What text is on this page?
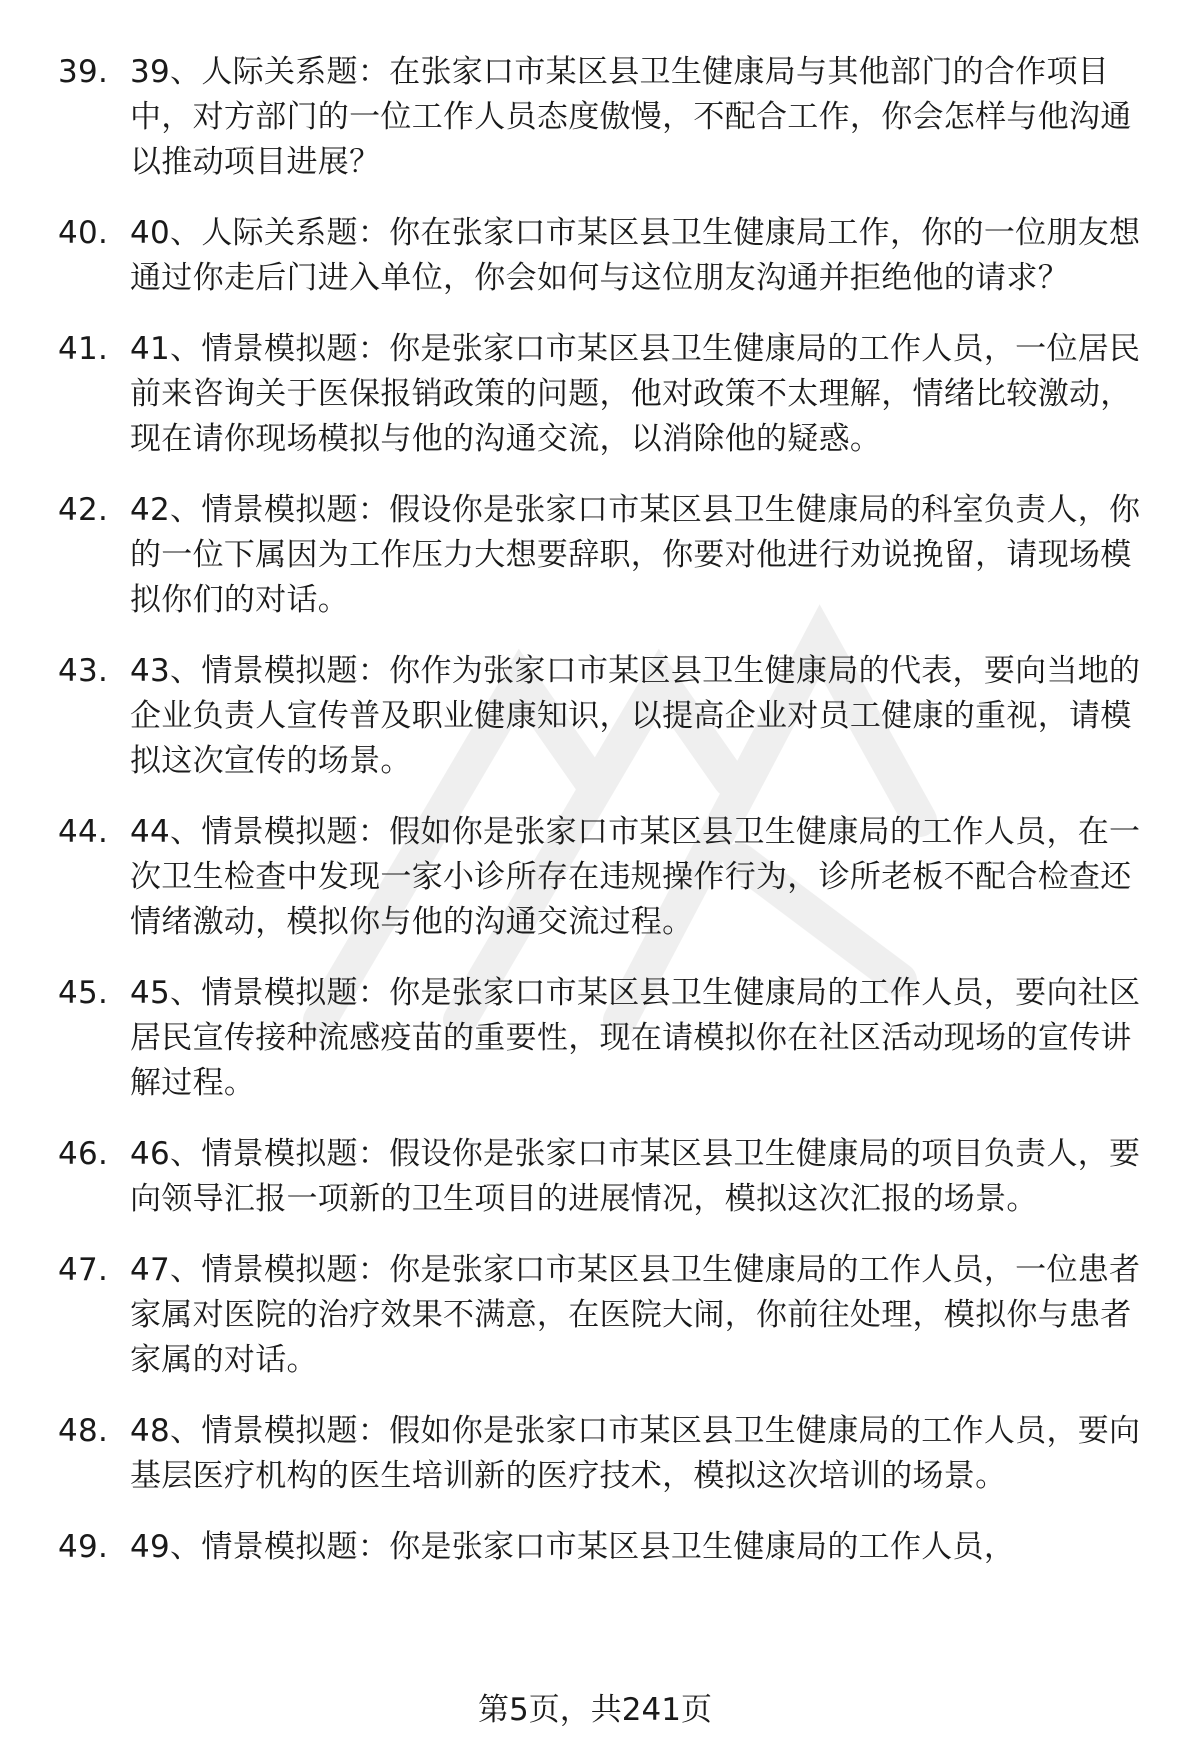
39. 39、人际关系题：在张家口市某区县卫生健康局与其他部门的合作项目中，对方部门的一位工作人员态度傲慢，不配合工作，你会怎样与他沟通以推动项目进展？
40. 40、人际关系题：你在张家口市某区县卫生健康局工作，你的一位朋友想通过你走后门进入单位，你会如何与这位朋友沟通并拒绝他的请求？
41. 41、情景模拟题：你是张家口市某区县卫生健康局的工作人员，一位居民前来咨询关于医保报销政策的问题，他对政策不太理解，情绪比较激动，现在请你现场模拟与他的沟通交流，以消除他的疑惑。
42. 42、情景模拟题：假设你是张家口市某区县卫生健康局的科室负责人，你的一位下属因为工作压力大想要辞职，你要对他进行劝说挽留，请现场模拟你们的对话。
43. 43、情景模拟题：你作为张家口市某区县卫生健康局的代表，要向当地的企业负责人宣传普及职业健康知识，以提高企业对员工健康的重视，请模拟这次宣传的场景。
44. 44、情景模拟题：假如你是张家口市某区县卫生健康局的工作人员，在一次卫生检查中发现一家小诊所存在违规操作行为，诊所老板不配合检查还情绪激动，模拟你与他的沟通交流过程。
45. 45、情景模拟题：你是张家口市某区县卫生健康局的工作人员，要向社区居民宣传接种流感疫苗的重要性，现在请模拟你在社区活动现场的宣传讲解过程。
46. 46、情景模拟题：假设你是张家口市某区县卫生健康局的项目负责人，要向领导汇报一项新的卫生项目的进展情况，模拟这次汇报的场景。
47. 47、情景模拟题：你是张家口市某区县卫生健康局的工作人员，一位患者家属对医院的治疗效果不满意，在医院大闹，你前往处理，模拟你与患者家属的对话。
48. 48、情景模拟题：假如你是张家口市某区县卫生健康局的工作人员，要向基层医疗机构的医生培训新的医疗技术，模拟这次培训的场景。
49. 49、情景模拟题：你是张家口市某区县卫生健康局的工作人员，
第5页，共241页
